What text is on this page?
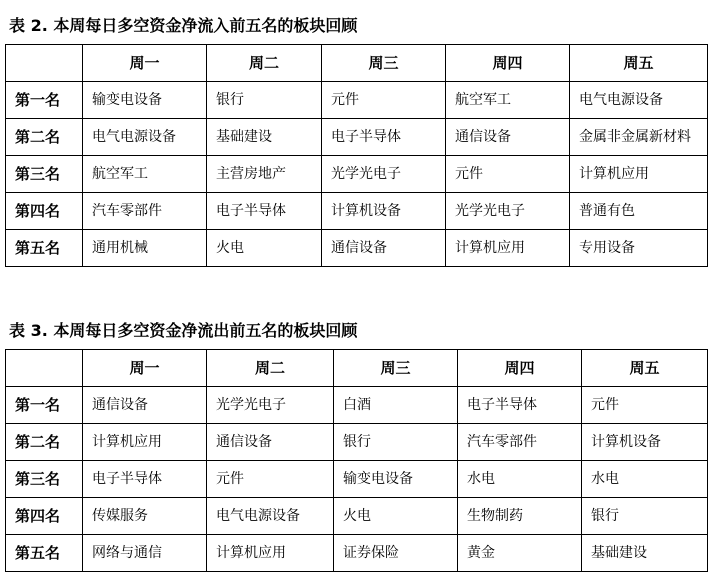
表 2. 本周每日多空资金净流入前五名的板块回顾
	周一	周二	周三	周四	周五
第一名	输变电设备	银行	元件	航空军工	电气电源设备
第二名	电气电源设备	基础建设	电子半导体	通信设备	金属非金属新材料
第三名	航空军工	主营房地产	光学光电子	元件	计算机应用
第四名	汽车零部件	电子半导体	计算机设备	光学光电子	普通有色
第五名	通用机械	火电	通信设备	计算机应用	专用设备
表 3. 本周每日多空资金净流出前五名的板块回顾
	周一	周二	周三	周四	周五
第一名	通信设备	光学光电子	白酒	电子半导体	元件
第二名	计算机应用	通信设备	银行	汽车零部件	计算机设备
第三名	电子半导体	元件	输变电设备	水电	水电
第四名	传媒服务	电气电源设备	火电	生物制药	银行
第五名	网络与通信	计算机应用	证券保险	黄金	基础建设
